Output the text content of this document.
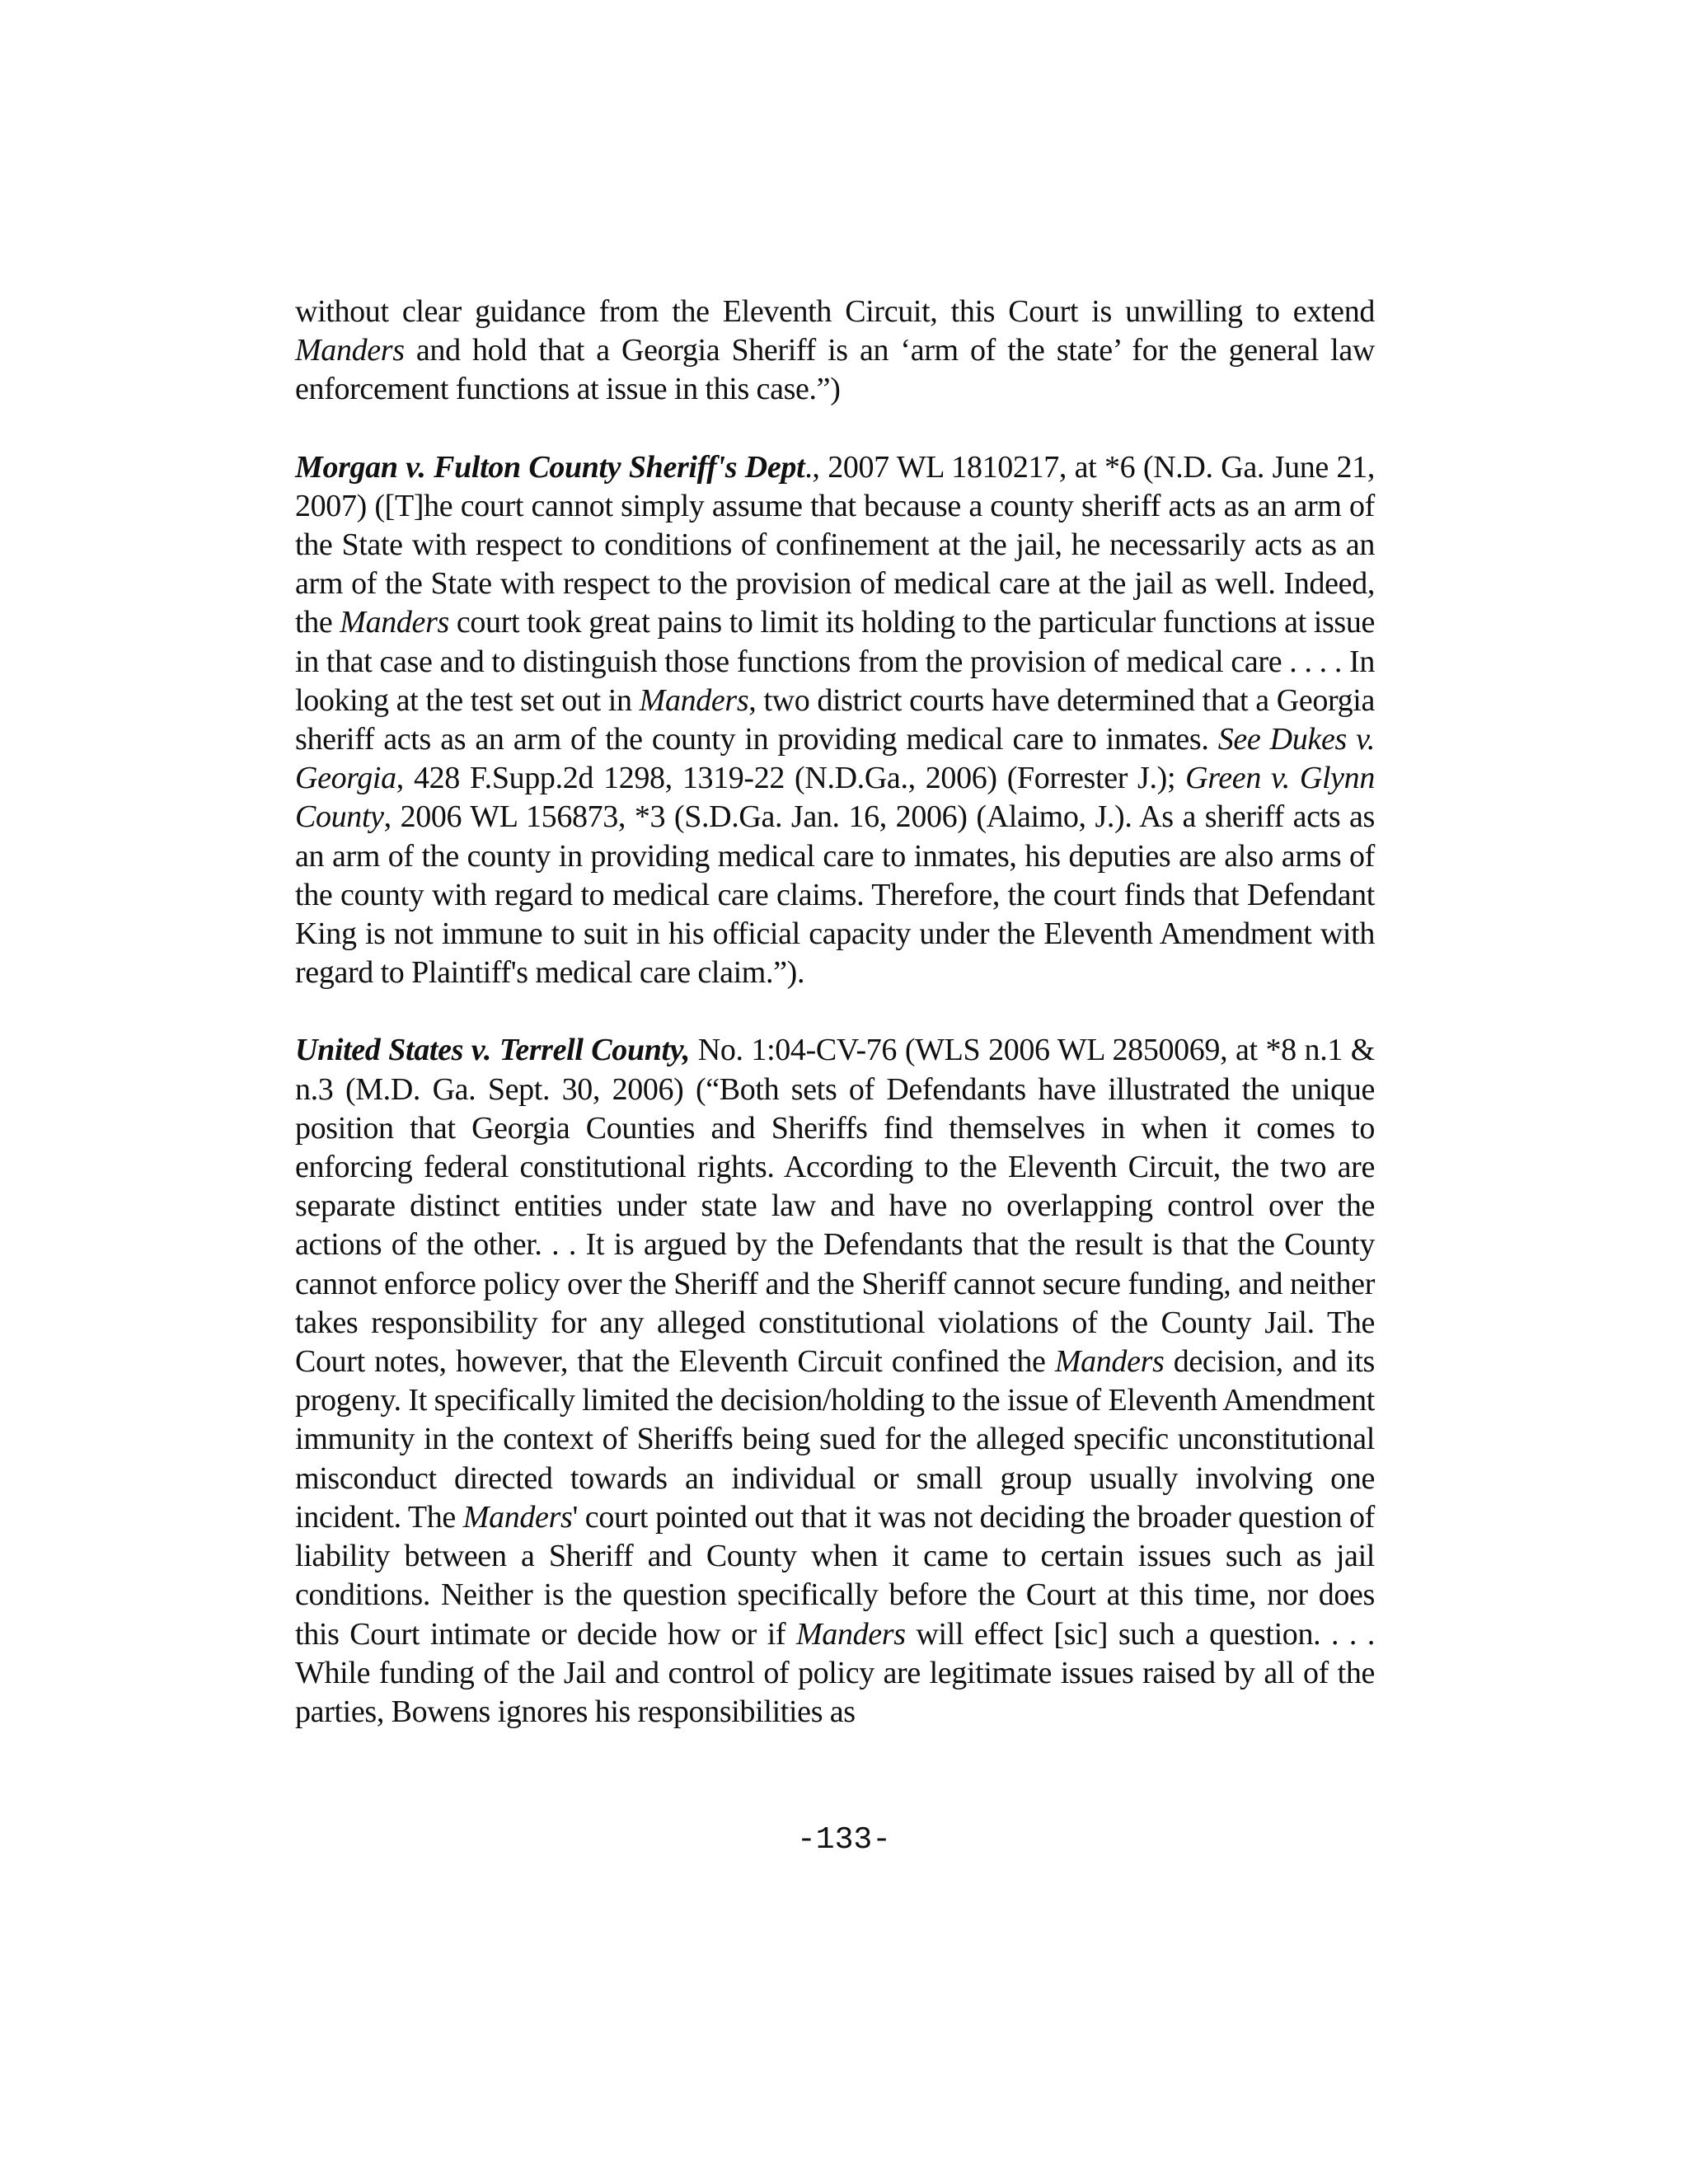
without clear guidance from the Eleventh Circuit, this Court is unwilling to extend Manders and hold that a Georgia Sheriff is an ‘arm of the state’ for the general law enforcement functions at issue in this case.”)

Morgan v. Fulton County Sheriff's Dept., 2007 WL 1810217, at *6 (N.D. Ga. June 21, 2007) ([T]he court cannot simply assume that because a county sheriff acts as an arm of the State with respect to conditions of confinement at the jail, he necessarily acts as an arm of the State with respect to the provision of medical care at the jail as well. Indeed, the Manders court took great pains to limit its holding to the particular functions at issue in that case and to distinguish those functions from the provision of medical care . . . . In looking at the test set out in Manders, two district courts have determined that a Georgia sheriff acts as an arm of the county in providing medical care to inmates. See Dukes v. Georgia, 428 F.Supp.2d 1298, 1319-22 (N.D.Ga., 2006) (Forrester J.); Green v. Glynn County, 2006 WL 156873, *3 (S.D.Ga. Jan. 16, 2006) (Alaimo, J.). As a sheriff acts as an arm of the county in providing medical care to inmates, his deputies are also arms of the county with regard to medical care claims. Therefore, the court finds that Defendant King is not immune to suit in his official capacity under the Eleventh Amendment with regard to Plaintiff's medical care claim.”).

United States v. Terrell County, No. 1:04-CV-76 (WLS 2006 WL 2850069, at *8 n.1 & n.3 (M.D. Ga. Sept. 30, 2006) (“Both sets of Defendants have illustrated the unique position that Georgia Counties and Sheriffs find themselves in when it comes to enforcing federal constitutional rights. According to the Eleventh Circuit, the two are separate distinct entities under state law and have no overlapping control over the actions of the other. . . It is argued by the Defendants that the result is that the County cannot enforce policy over the Sheriff and the Sheriff cannot secure funding, and neither takes responsibility for any alleged constitutional violations of the County Jail. The Court notes, however, that the Eleventh Circuit confined the Manders decision, and its progeny. It specifically limited the decision/holding to the issue of Eleventh Amendment immunity in the context of Sheriffs being sued for the alleged specific unconstitutional misconduct directed towards an individual or small group usually involving one incident. The Manders' court pointed out that it was not deciding the broader question of liability between a Sheriff and County when it came to certain issues such as jail conditions. Neither is the question specifically before the Court at this time, nor does this Court intimate or decide how or if Manders will effect [sic] such a question. . . . While funding of the Jail and control of policy are legitimate issues raised by all of the parties, Bowens ignores his responsibilities as

-133-
